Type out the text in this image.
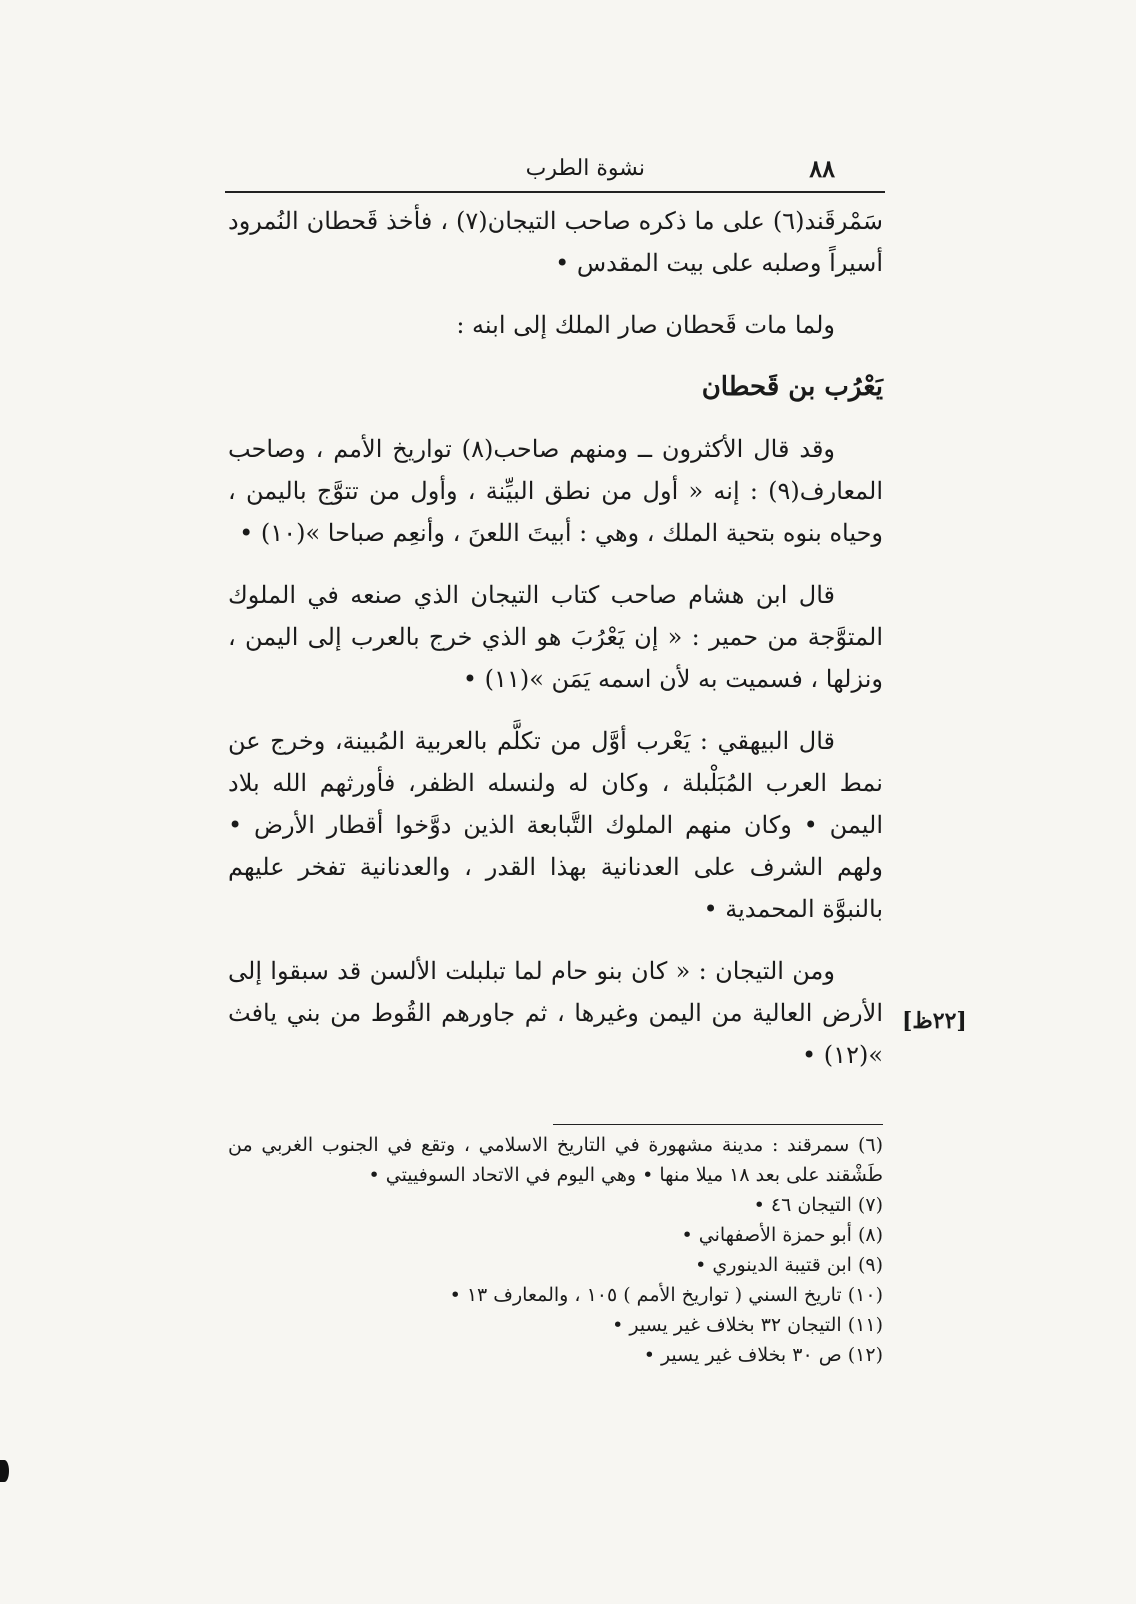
٨٨
نشوة الطرب

سَمْرقَند(٦) على ما ذكره صاحب التيجان(٧) ، فأخذ قَحطان النُمرود أسيراً وصلبه على بيت المقدس •

ولما مات قَحطان صار الملك إلى ابنه :

يَعْرُب بن قَحطان

وقد قال الأكثرون ــ ومنهم صاحب(٨) تواريخ الأمم ، وصاحب المعارف(٩) : إنه « أول من نطق البيِّنة ، وأول من تتوَّج باليمن ، وحياه بنوه بتحية الملك ، وهي : أبيتَ اللعنَ ، وأنعِم صباحا »(١٠) •

قال ابن هشام صاحب كتاب التيجان الذي صنعه في الملوك المتوَّجة من حمير : « إن يَعْرُبَ هو الذي خرج بالعرب إلى اليمن ، ونزلها ، فسميت به لأن اسمه يَمَن »(١١) •

قال البيهقي : يَعْرب أوَّل من تكلَّم بالعربية المُبينة، وخرج عن نمط العرب المُبَلْبلة ، وكان له ولنسله الظفر، فأورثهم الله بلاد اليمن • وكان منهم الملوك التَّبابعة الذين دوَّخوا أقطار الأرض • ولهم الشرف على العدنانية بهذا القدر ، والعدنانية تفخر عليهم بالنبوَّة المحمدية •

ومن التيجان : « كان بنو حام لما تبلبلت الألسن قد سبقوا إلى الأرض العالية من اليمن وغيرها ، ثم جاورهم القُوط من بني يافث »(١٢) •

[٢٢ظ]

(٦) سمرقند : مدينة مشهورة في التاريخ الاسلامي ، وتقع في الجنوب الغربي من طَشْقند على بعد ١٨ ميلا منها • وهي اليوم في الاتحاد السوفييتي •

(٧) التيجان ٤٦ •

(٨) أبو حمزة الأصفهاني •

(٩) ابن قتيبة الدينوري •

(١٠) تاريخ السني ( تواريخ الأمم ) ١٠٥ ، والمعارف ١٣ •

(١١) التيجان ٣٢ بخلاف غير يسير •

(١٢) ص ٣٠ بخلاف غير يسير •
